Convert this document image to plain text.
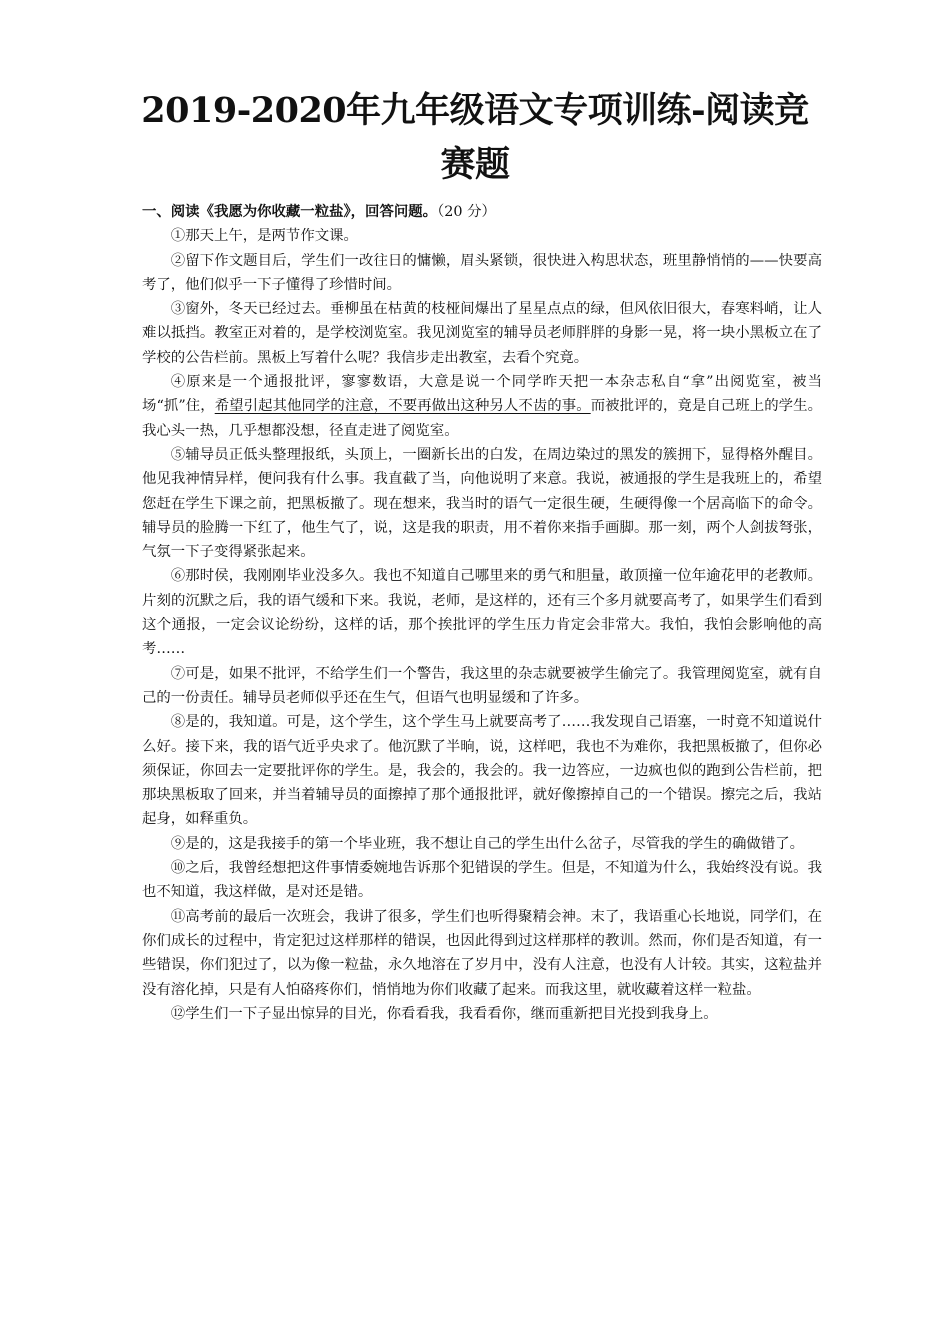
2019-2020年九年级语文专项训练-阅读竞赛题

一、阅读《我愿为你收藏一粒盐》，回答问题。（20 分）

①那天上午，是两节作文课。

②留下作文题目后，学生们一改往日的慵懒，眉头紧锁，很快进入构思状态，班里静悄悄的——快要高考了，他们似乎一下子懂得了珍惜时间。

③窗外，冬天已经过去。垂柳虽在枯黄的枝桠间爆出了星星点点的绿，但风依旧很大，春寒料峭，让人难以抵挡。教室正对着的，是学校浏览室。我见浏览室的辅导员老师胖胖的身影一晃，将一块小黑板立在了学校的公告栏前。黑板上写着什么呢？我信步走出教室，去看个究竟。

④原来是一个通报批评，寥寥数语，大意是说一个同学昨天把一本杂志私自“拿”出阅览室，被当场“抓”住，希望引起其他同学的注意，不要再做出这种另人不齿的事。而被批评的，竟是自己班上的学生。我心头一热，几乎想都没想，径直走进了阅览室。

⑤辅导员正低头整理报纸，头顶上，一圈新长出的白发，在周边染过的黑发的簇拥下，显得格外醒目。他见我神情异样，便问我有什么事。我直截了当，向他说明了来意。我说，被通报的学生是我班上的，希望您赶在学生下课之前，把黑板撤了。现在想来，我当时的语气一定很生硬，生硬得像一个居高临下的命令。辅导员的脸腾一下红了，他生气了，说，这是我的职责，用不着你来指手画脚。那一刻，两个人剑拔弩张，气氛一下子变得紧张起来。

⑥那时侯，我刚刚毕业没多久。我也不知道自己哪里来的勇气和胆量，敢顶撞一位年逾花甲的老教师。片刻的沉默之后，我的语气缓和下来。我说，老师，是这样的，还有三个多月就要高考了，如果学生们看到这个通报，一定会议论纷纷，这样的话，那个挨批评的学生压力肯定会非常大。我怕，我怕会影响他的高考……

⑦可是，如果不批评，不给学生们一个警告，我这里的杂志就要被学生偷完了。我管理阅览室，就有自己的一份责任。辅导员老师似乎还在生气，但语气也明显缓和了许多。

⑧是的，我知道。可是，这个学生，这个学生马上就要高考了……我发现自己语塞，一时竟不知道说什么好。接下来，我的语气近乎央求了。他沉默了半晌，说，这样吧，我也不为难你，我把黑板撤了，但你必须保证，你回去一定要批评你的学生。是，我会的，我会的。我一边答应，一边疯也似的跑到公告栏前，把那块黑板取了回来，并当着辅导员的面擦掉了那个通报批评，就好像擦掉自己的一个错误。擦完之后，我站起身，如释重负。

⑨是的，这是我接手的第一个毕业班，我不想让自己的学生出什么岔子，尽管我的学生的确做错了。

⑩之后，我曾经想把这件事情委婉地告诉那个犯错误的学生。但是，不知道为什么，我始终没有说。我也不知道，我这样做，是对还是错。

⑪高考前的最后一次班会，我讲了很多，学生们也听得聚精会神。末了，我语重心长地说，同学们，在你们成长的过程中，肯定犯过这样那样的错误，也因此得到过这样那样的教训。然而，你们是否知道，有一些错误，你们犯过了，以为像一粒盐，永久地溶在了岁月中，没有人注意，也没有人计较。其实，这粒盐并没有溶化掉，只是有人怕硌疼你们，悄悄地为你们收藏了起来。而我这里，就收藏着这样一粒盐。

⑫学生们一下子显出惊异的目光，你看看我，我看看你，继而重新把目光投到我身上。
